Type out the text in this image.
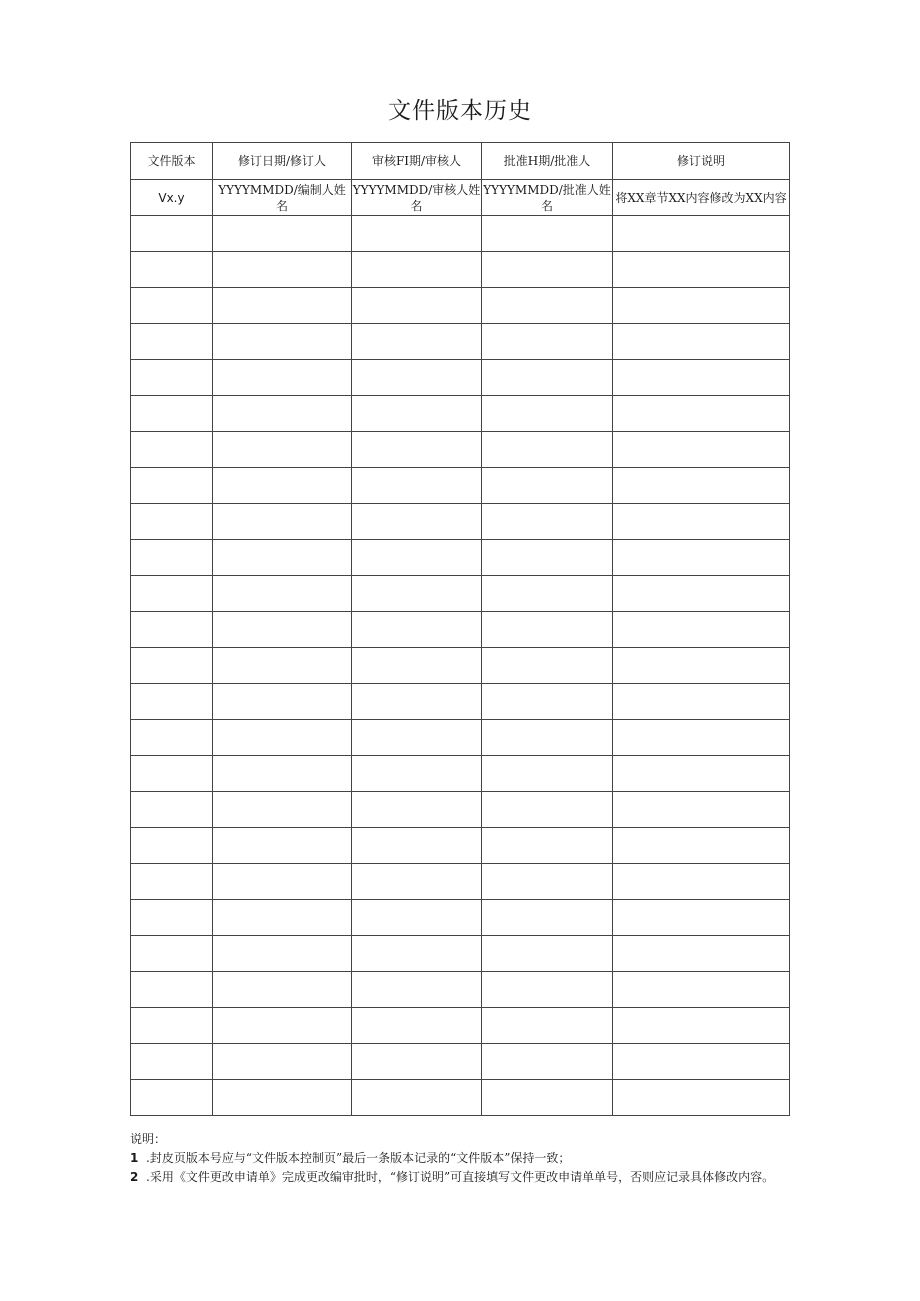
文件版本历史
文件版本	修订日期/修订人	审核FI期/审核人	批准H期/批准人	修订说明
Vx.y	YYYYMMDD/编制人姓名	YYYYMMDD/审核人姓名	YYYYMMDD/批准人姓名	将XX章节XX内容修改为XX内容

说明：
1 .封皮页版本号应与“文件版本控制页”最后一条版本记录的“文件版本”保持一致；
2 .采用《文件更改申请单》完成更改编审批时，“修订说明”可直接填写文件更改申请单单号，否则应记录具体修改内容。
